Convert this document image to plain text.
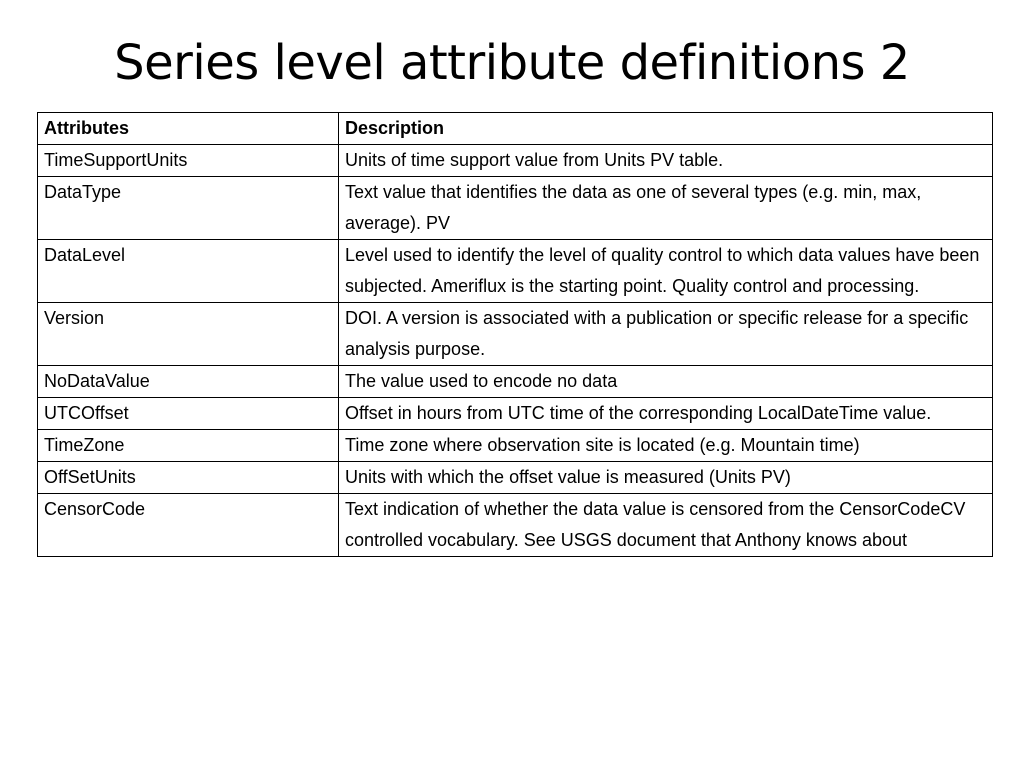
Series level attribute definitions 2
Attributes	Description
TimeSupportUnits	Units of time support value from Units PV table.
DataType	Text value that identifies the data as one of several types (e.g. min, max, average). PV
DataLevel	Level used to identify the level of quality control to which data values have been subjected. Ameriflux is the starting point. Quality control and processing.
Version	DOI. A version is associated with a publication or specific release for a specific analysis purpose.
NoDataValue	The value used to encode no data
UTCOffset	Offset in hours from UTC time of the corresponding LocalDateTime value.
TimeZone	Time zone where observation site is located (e.g. Mountain time)
OffSetUnits	Units with which the offset value is measured (Units PV)
CensorCode	Text indication of whether the data value is censored from the CensorCodeCV controlled vocabulary. See USGS document that Anthony knows about
